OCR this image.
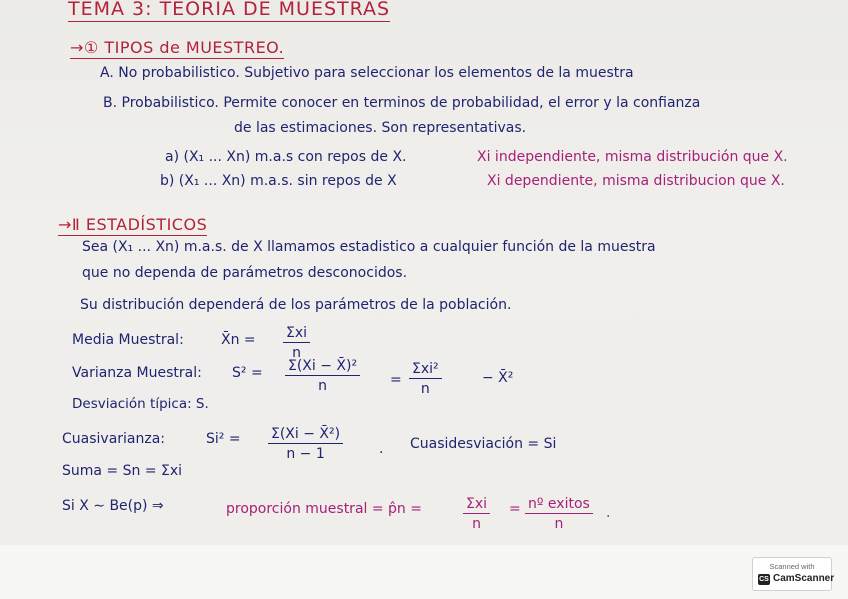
TEMA 3: TEORIA DE MUESTRAS
→① TIPOS de MUESTREO.
A. No probabilistico. Subjetivo para seleccionar los elementos de la muestra
B. Probabilistico. Permite conocer en terminos de probabilidad, el error y la confianza
de las estimaciones. Son representativas.
a) (X₁ ... Xn) m.a.s con repos de X.	Xi independiente, misma distribución que X.
b) (X₁ ... Xn) m.a.s. sin repos de X	Xi dependiente, misma distribucion que X.
→Ⅱ ESTADÍSTICOS
Sea (X₁ ... Xn) m.a.s. de X llamamos estadistico a cualquier función de la muestra
que no dependa de parámetros desconocidos.
Su distribución dependerá de los parámetros de la población.
Media Muestral:	X̄n = Σxi
n
Varianza Muestral: $S^2 = \frac{\text{Σ(Xi − X̄)²}}{n}$ =
Σxi²
n
− X̄²
Desviación típica: S.
Cuasivarianza:	$Si^2 = \frac{\text{Σ(Xi − X̄²)}}{n - 1}$	. Cuasidesviación = Si
Suma = Sn = Σxi
Si X ∼ Be(p) ⇒	proporción muestral = p̂n =	Σxi
n
= nº exitos
n
.
Scanned with
CS CamScanner
